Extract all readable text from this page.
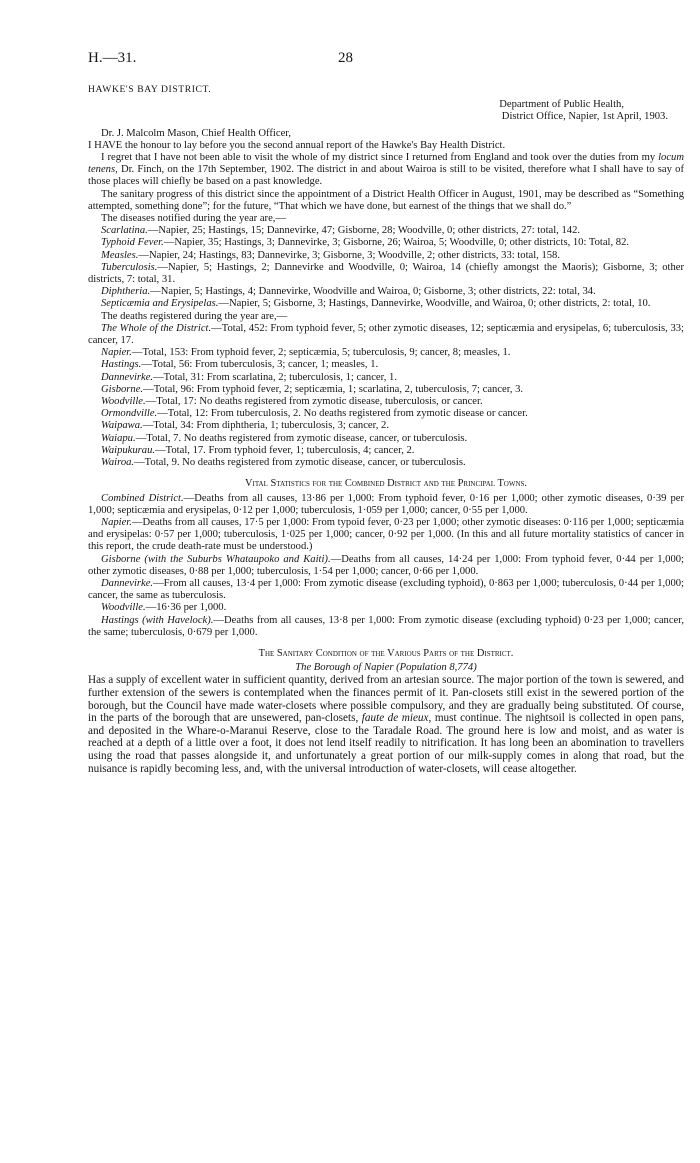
H.—31.	28

HAWKE'S BAY DISTRICT.

Department of Public Health,

District Office, Napier, 1st April, 1903.

Dr. J. Malcolm Mason, Chief Health Officer,

I HAVE the honour to lay before you the second annual report of the Hawke's Bay Health District.

I regret that I have not been able to visit the whole of my district since I returned from England and took over the duties from my locum tenens, Dr. Finch, on the 17th September, 1902. The district in and about Wairoa is still to be visited, therefore what I shall have to say of those places will chiefly be based on a past knowledge.

The sanitary progress of this district since the appointment of a District Health Officer in August, 1901, may be described as “Something attempted, something done”; for the future, “That which we have done, but earnest of the things that we shall do.”

The diseases notified during the year are,—

Scarlatina.—Napier, 25; Hastings, 15; Dannevirke, 47; Gisborne, 28; Woodville, 0; other districts, 27: total, 142.

Typhoid Fever.—Napier, 35; Hastings, 3; Dannevirke, 3; Gisborne, 26; Wairoa, 5; Woodville, 0; other districts, 10: Total, 82.

Measles.—Napier, 24; Hastings, 83; Dannevirke, 3; Gisborne, 3; Woodville, 2; other districts, 33: total, 158.

Tuberculosis.—Napier, 5; Hastings, 2; Dannevirke and Woodville, 0; Wairoa, 14 (chiefly amongst the Maoris); Gisborne, 3; other districts, 7: total, 31.

Diphtheria.—Napier, 5; Hastings, 4; Dannevirke, Woodville and Wairoa, 0; Gisborne, 3; other districts, 22: total, 34.

Septicæmia and Erysipelas.—Napier, 5; Gisborne, 3; Hastings, Dannevirke, Woodville, and Wairoa, 0; other districts, 2: total, 10.

The deaths registered during the year are,—

The Whole of the District.—Total, 452: From typhoid fever, 5; other zymotic diseases, 12; septicæmia and erysipelas, 6; tuberculosis, 33; cancer, 17.

Napier.—Total, 153: From typhoid fever, 2; septicæmia, 5; tuberculosis, 9; cancer, 8; measles, 1.

Hastings.—Total, 56: From tuberculosis, 3; cancer, 1; measles, 1.

Dannevirke.—Total, 31: From scarlatina, 2; tuberculosis, 1; cancer, 1.

Gisborne.—Total, 96: From typhoid fever, 2; septicæmia, 1; scarlatina, 2, tuberculosis, 7; cancer, 3.

Woodville.—Total, 17: No deaths registered from zymotic disease, tuberculosis, or cancer.

Ormondville.—Total, 12: From tuberculosis, 2. No deaths registered from zymotic disease or cancer.

Waipawa.—Total, 34: From diphtheria, 1; tuberculosis, 3; cancer, 2.

Waiapu.—Total, 7. No deaths registered from zymotic disease, cancer, or tuberculosis.

Waipukurau.—Total, 17. From typhoid fever, 1; tuberculosis, 4; cancer, 2.

Wairoa.—Total, 9. No deaths registered from zymotic disease, cancer, or tuberculosis.

Vital Statistics for the Combined District and the Principal Towns.

Combined District.—Deaths from all causes, 13·86 per 1,000: From typhoid fever, 0·16 per 1,000; other zymotic diseases, 0·39 per 1,000; septicæmia and erysipelas, 0·12 per 1,000; tuberculosis, 1·059 per 1,000; cancer, 0·55 per 1,000.

Napier.—Deaths from all causes, 17·5 per 1,000: From typoid fever, 0·23 per 1,000; other zymotic diseases: 0·116 per 1,000; septicæmia and erysipelas: 0·57 per 1,000; tuberculosis, 1·025 per 1,000; cancer, 0·92 per 1,000. (In this and all future mortality statistics of cancer in this report, the crude death-rate must be understood.)

Gisborne (with the Suburbs Whataupoko and Kaiti).—Deaths from all causes, 14·24 per 1,000: From typhoid fever, 0·44 per 1,000; other zymotic diseases, 0·88 per 1,000; tuberculosis, 1·54 per 1,000; cancer, 0·66 per 1,000.

Dannevirke.—From all causes, 13·4 per 1,000: From zymotic disease (excluding typhoid), 0·863 per 1,000; tuberculosis, 0·44 per 1,000; cancer, the same as tuberculosis.

Woodville.—16·36 per 1,000.

Hastings (with Havelock).—Deaths from all causes, 13·8 per 1,000: From zymotic disease (excluding typhoid) 0·23 per 1,000; cancer, the same; tuberculosis, 0·679 per 1,000.

The Sanitary Condition of the Various Parts of the District.

The Borough of Napier (Population 8,774)

Has a supply of excellent water in sufficient quantity, derived from an artesian source. The major portion of the town is sewered, and further extension of the sewers is contemplated when the finances permit of it. Pan-closets still exist in the sewered portion of the borough, but the Council have made water-closets where possible compulsory, and they are gradually being substituted. Of course, in the parts of the borough that are unsewered, pan-closets, faute de mieux, must continue. The nightsoil is collected in open pans, and deposited in the Whare-o-Maranui Reserve, close to the Taradale Road. The ground here is low and moist, and as water is reached at a depth of a little over a foot, it does not lend itself readily to nitrification. It has long been an abomination to travellers using the road that passes alongside it, and unfortunately a great portion of our milk-supply comes in along that road, but the nuisance is rapidly becoming less, and, with the universal introduction of water-closets, will cease altogether.
